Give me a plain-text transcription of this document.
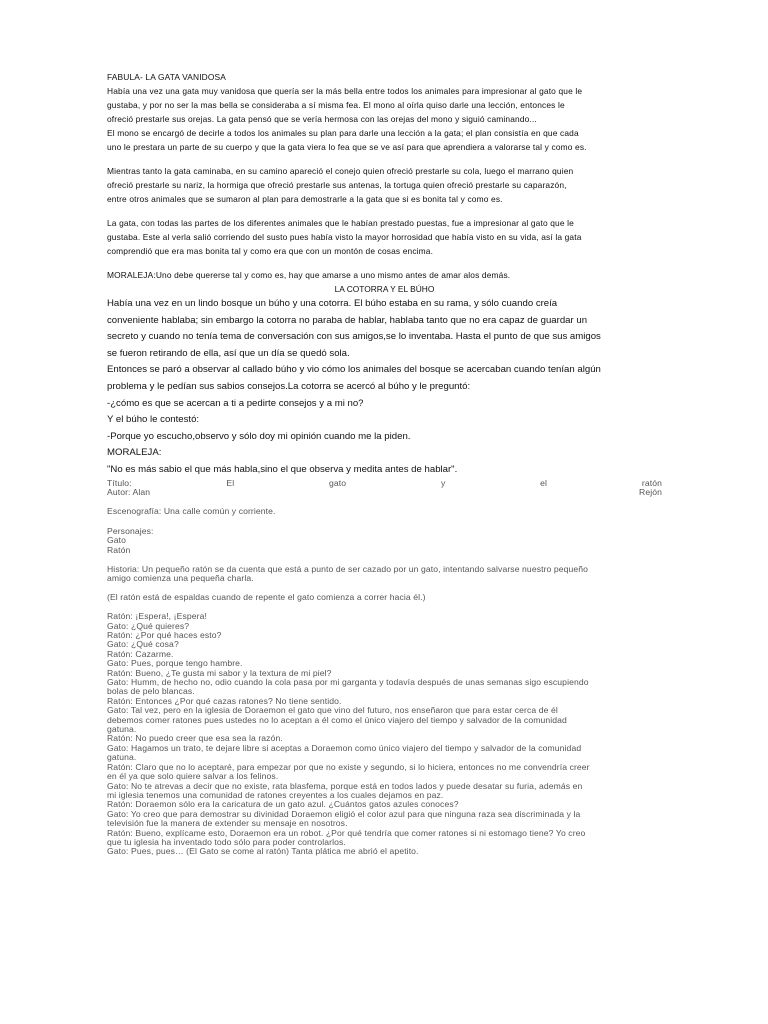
FABULA- LA GATA VANIDOSA

Había una vez una gata muy vanidosa que quería ser la más bella entre todos los animales para impresionar al gato que le

gustaba, y por no ser la mas bella se consideraba a sí misma fea. El mono al oírla quiso darle una lección, entonces le

ofreció prestarle sus orejas. La gata pensó que se vería hermosa con las orejas del mono y siguió caminando...

El mono se encargó de decirle a todos los animales su plan para darle una lección a la gata; el plan consistía en que cada

uno le prestara un parte de su cuerpo y que la gata viera lo fea que se ve así para que aprendiera a valorarse tal y como es.

Mientras tanto la gata caminaba, en su camino apareció el conejo quien ofreció prestarle su cola, luego el marrano quien

ofreció prestarle su nariz, la hormiga que ofreció prestarle sus antenas, la tortuga quien ofreció prestarle su caparazón,

entre otros animales que se sumaron al plan para demostrarle a la gata que si es bonita tal y como es.

La gata, con todas las partes de los diferentes animales que le habían prestado puestas, fue a impresionar al gato que le

gustaba. Este al verla salió corriendo del susto pues había visto la mayor horrosidad que había visto en su vida, así la gata

comprendió que era mas bonita tal y como era que con un montón de cosas encima.

MORALEJA:Uno debe quererse tal y como es, hay que amarse a uno mismo antes de amar alos demás.

LA COTORRA Y EL BÚHO

Había una vez en un lindo bosque un búho y una cotorra. El búho estaba en su rama, y sólo cuando creía

conveniente hablaba; sin embargo la cotorra no paraba de hablar, hablaba tanto que no era capaz de guardar un

secreto y cuando no tenía tema de conversación con sus amigos,se lo inventaba. Hasta el punto de que sus amigos

se fueron retirando de ella, así que un día se quedó sola.

Entonces se paró a observar al callado búho y vio cómo los animales del bosque se acercaban cuando tenían algún

problema y le pedían sus sabios consejos.La cotorra se acercó al búho y le preguntó:

-¿cómo es que se acercan a ti a pedirte consejos y a mi no?

Y el búho le contestó:

-Porque yo escucho,observo y sólo doy mi opinión cuando me la piden.

MORALEJA:

"No es más sabio el que más habla,sino el que observa y medita antes de hablar".

Título:	El	gato	y	el	ratón
Autor: Alan	Rejón

Escenografía: Una calle común y corriente.

Personajes:

Gato

Ratón

Historia: Un pequeño ratón se da cuenta que está a punto de ser cazado por un gato, intentando salvarse nuestro pequeño

amigo comienza una pequeña charla.

(El ratón está de espaldas cuando de repente el gato comienza a correr hacia él.)

Ratón: ¡Espera!, ¡Espera!

Gato: ¿Qué quieres?

Ratón: ¿Por qué haces esto?

Gato: ¿Qué cosa?

Ratón: Cazarme.

Gato: Pues, porque tengo hambre.

Ratón: Bueno, ¿Te gusta mi sabor y la textura de mi piel?

Gato: Humm, de hecho no, odio cuando la cola pasa por mi garganta y todavía después de unas semanas sigo escupiendo

bolas de pelo blancas.

Ratón: Entonces ¿Por qué cazas ratones? No tiene sentido.

Gato: Tal vez, pero en la iglesia de Doraemon el gato que vino del futuro, nos enseñaron que para estar cerca de él

debemos comer ratones pues ustedes no lo aceptan a él como el único viajero del tiempo y salvador de la comunidad

gatuna.

Ratón: No puedo creer que esa sea la razón.

Gato: Hagamos un trato, te dejare libre si aceptas a Doraemon como único viajero del tiempo y salvador de la comunidad

gatuna.

Ratón: Claro que no lo aceptaré, para empezar por que no existe y segundo, si lo hiciera, entonces no me convendría creer

en él ya que solo quiere salvar a los felinos.

Gato: No te atrevas a decir que no existe, rata blasfema, porque está en todos lados y puede desatar su furia, además en

mi iglesia tenemos una comunidad de ratones creyentes a los cuales dejamos en paz.

Ratón: Doraemon sólo era la caricatura de un gato azul. ¿Cuántos gatos azules conoces?

Gato: Yo creo que para demostrar su divinidad Doraemon eligió el color azul para que ninguna raza sea discriminada y la

televisión fue la manera de extender su mensaje en nosotros.

Ratón: Bueno, explícame esto, Doraemon era un robot. ¿Por qué tendría que comer ratones si ni estomago tiene? Yo creo

que tu iglesia ha inventado todo sólo para poder controlarlos.

Gato: Pues, pues… (El Gato se come al ratón) Tanta plática me abrió el apetito.
